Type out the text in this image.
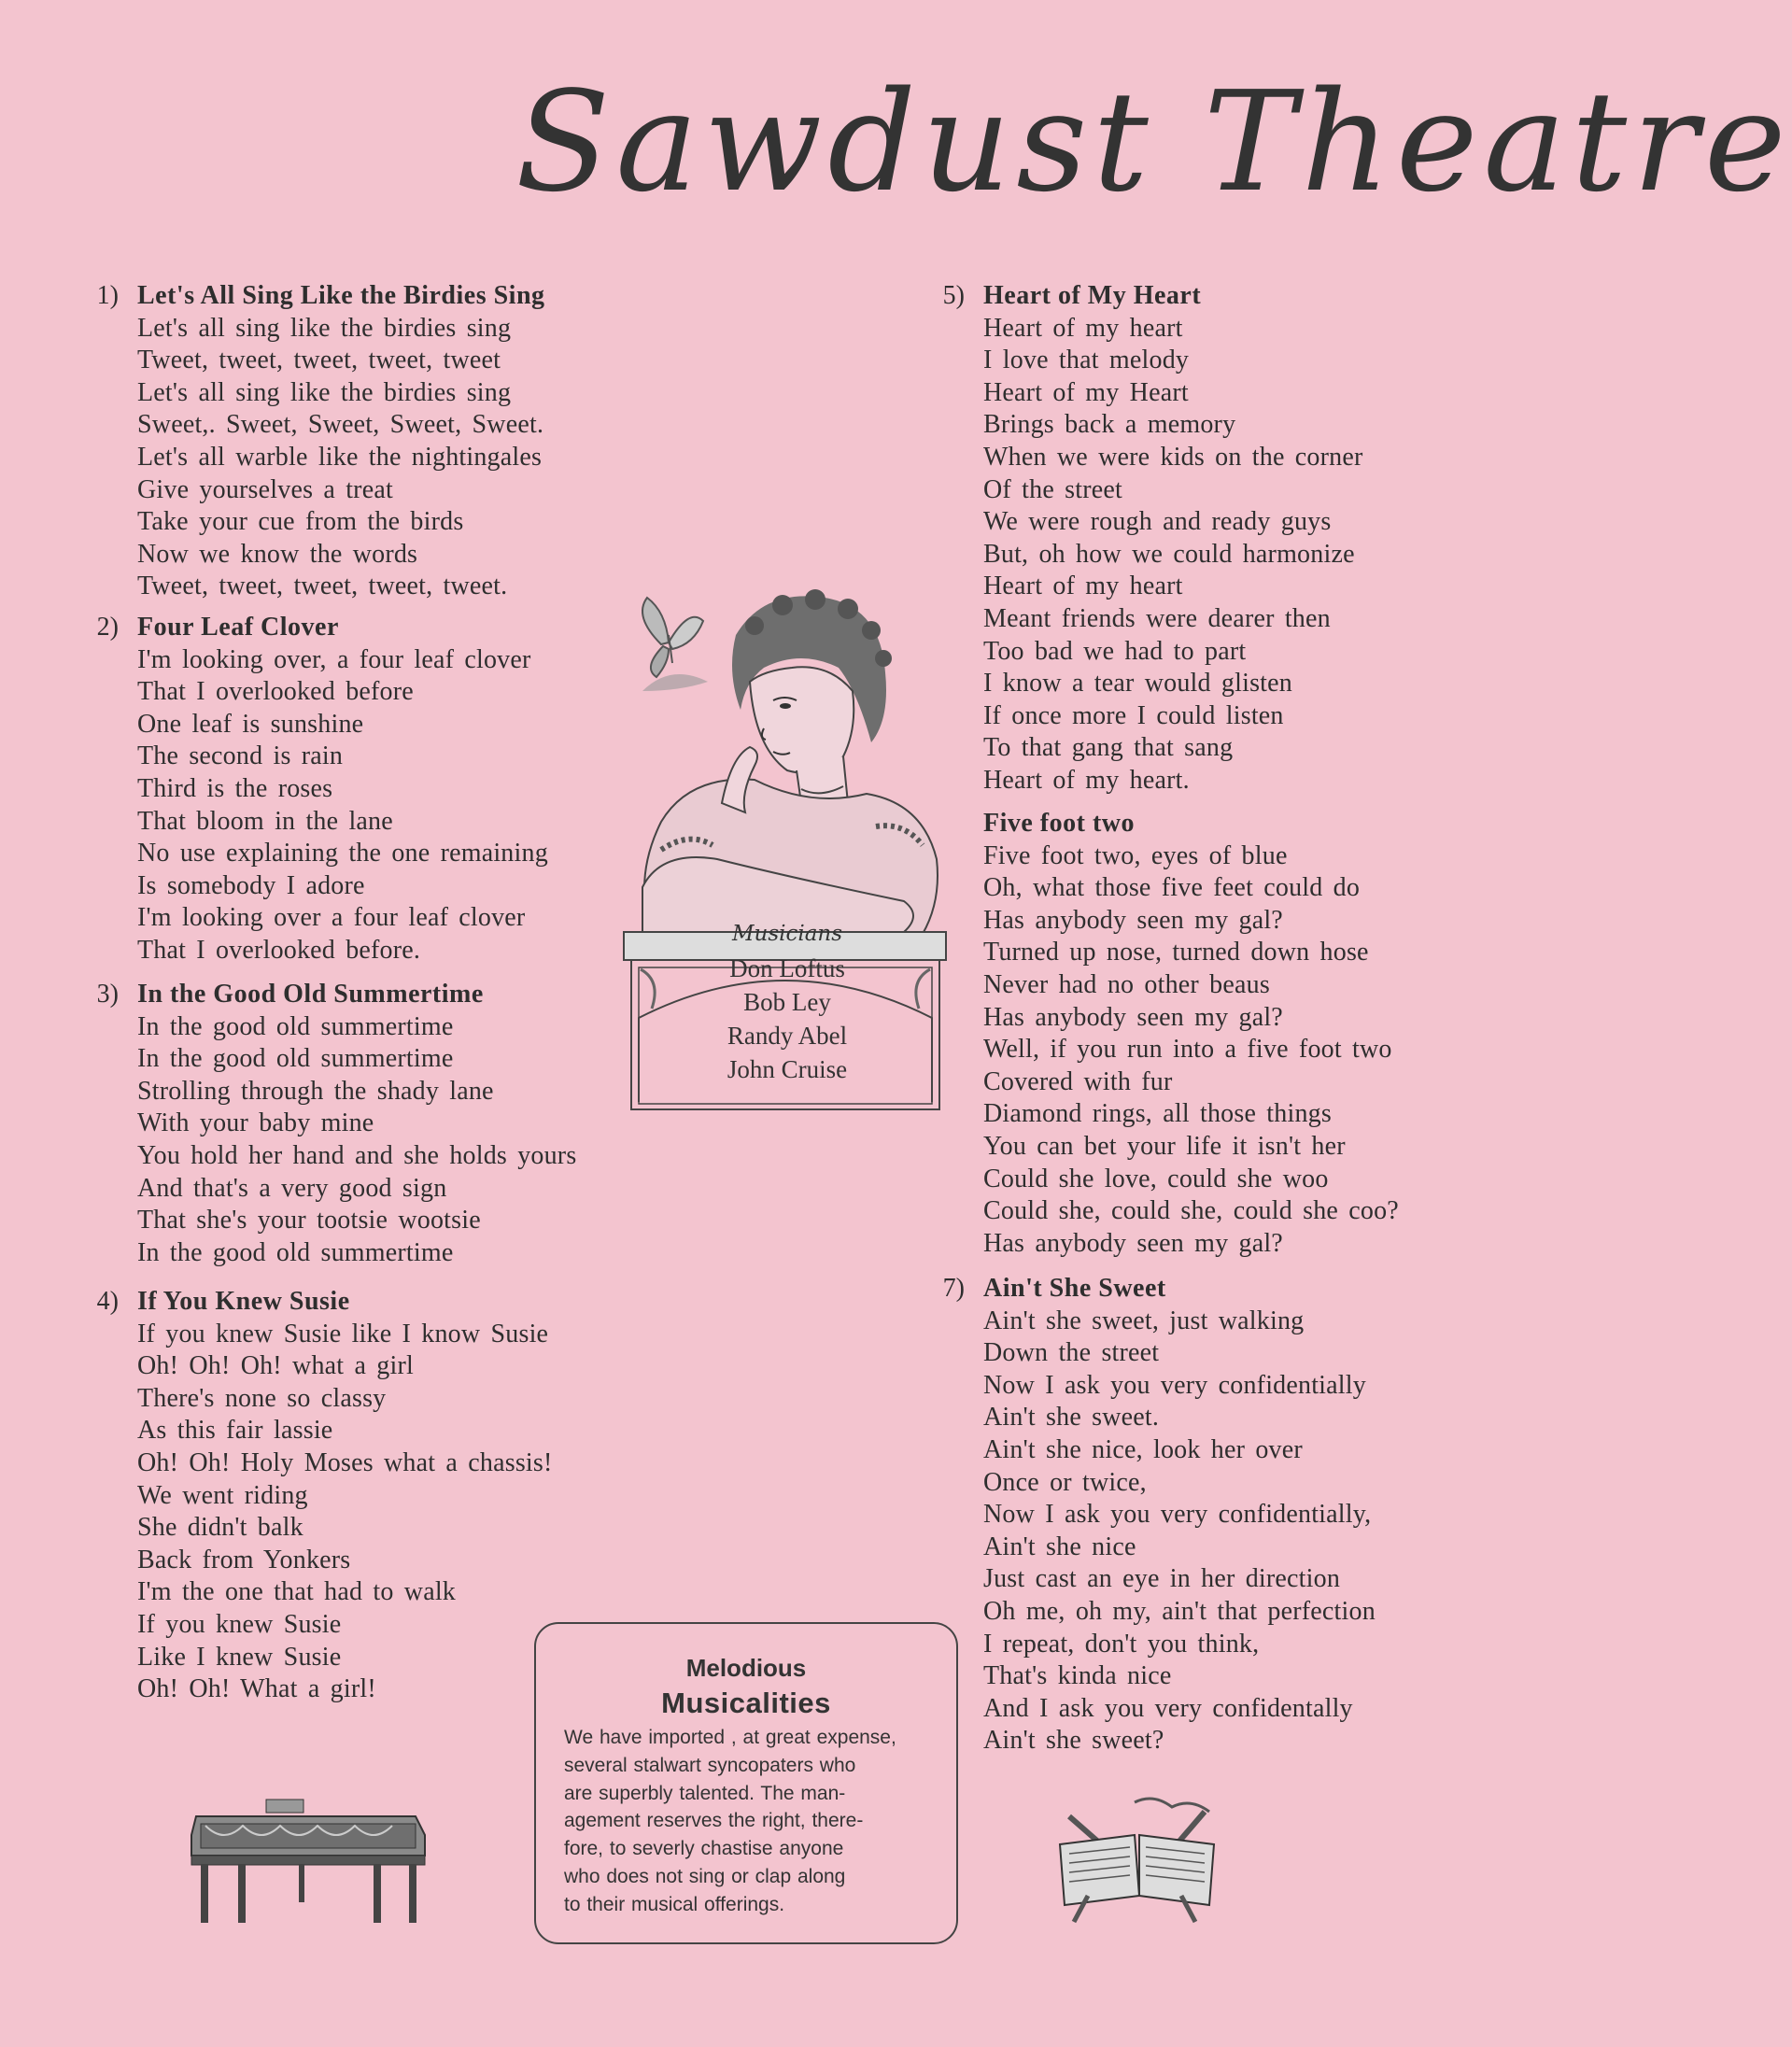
Sawdust Theatre
1) Let's All Sing Like the Birdies Sing
Let's all sing like the birdies sing
Tweet, tweet, tweet, tweet, tweet
Let's all sing like the birdies sing
Sweet,. Sweet, Sweet, Sweet, Sweet.
Let's all warble like the nightingales
Give yourselves a treat
Take your cue from the birds
Now we know the words
Tweet, tweet, tweet, tweet, tweet.
2) Four Leaf Clover
I'm looking over, a four leaf clover
That I overlooked before
One leaf is sunshine
The second is rain
Third is the roses
That bloom in the lane
No use explaining the one remaining
Is somebody I adore
I'm looking over a four leaf clover
That I overlooked before.
3) In the Good Old Summertime
In the good old summertime
In the good old summertime
Strolling through the shady lane
With your baby mine
You hold her hand and she holds yours
And that's a very good sign
That she's your tootsie wootsie
In the good old summertime
4) If You Knew Susie
If you knew Susie like I know Susie
Oh! Oh! Oh! what a girl
There's none so classy
As this fair lassie
Oh! Oh! Holy Moses what a chassis!
We went riding
She didn't balk
Back from Yonkers
I'm the one that had to walk
If you knew Susie
Like I knew Susie
Oh! Oh! What a girl!
5) Heart of My Heart
Heart of my heart
I love that melody
Heart of my Heart
Brings back a memory
When we were kids on the corner
Of the street
We were rough and ready guys
But, oh how we could harmonize
Heart of my heart
Meant friends were dearer then
Too bad we had to part
I know a tear would glisten
If once more I could listen
To that gang that sang
Heart of my heart.
Five foot two
Five foot two, eyes of blue
Oh, what those five feet could do
Has anybody seen my gal?
Turned up nose, turned down hose
Never had no other beaus
Has anybody seen my gal?
Well, if you run into a five foot two
Covered with fur
Diamond rings, all those things
You can bet your life it isn't her
Could she love, could she woo
Could she, could she, could she coo?
Has anybody seen my gal?
7) Ain't She Sweet
Ain't she sweet, just walking
Down the street
Now I ask you very confidentially
Ain't she sweet.
Ain't she nice, look her over
Once or twice,
Now I ask you very confidentially,
Ain't she nice
Just cast an eye in her direction
Oh me, oh my, ain't that perfection
I repeat, don't you think,
That's kinda nice
And I ask you very confidentally
Ain't she sweet?
Musicians
Don Loftus
Bob Ley
Randy Abel
John Cruise
Melodious
Musicalities
We have imported , at great expense,
several stalwart syncopaters who
are superbly talented. The man-
agement reserves the right, there-
fore, to severly chastise anyone
who does not sing or clap along
to their musical offerings.
